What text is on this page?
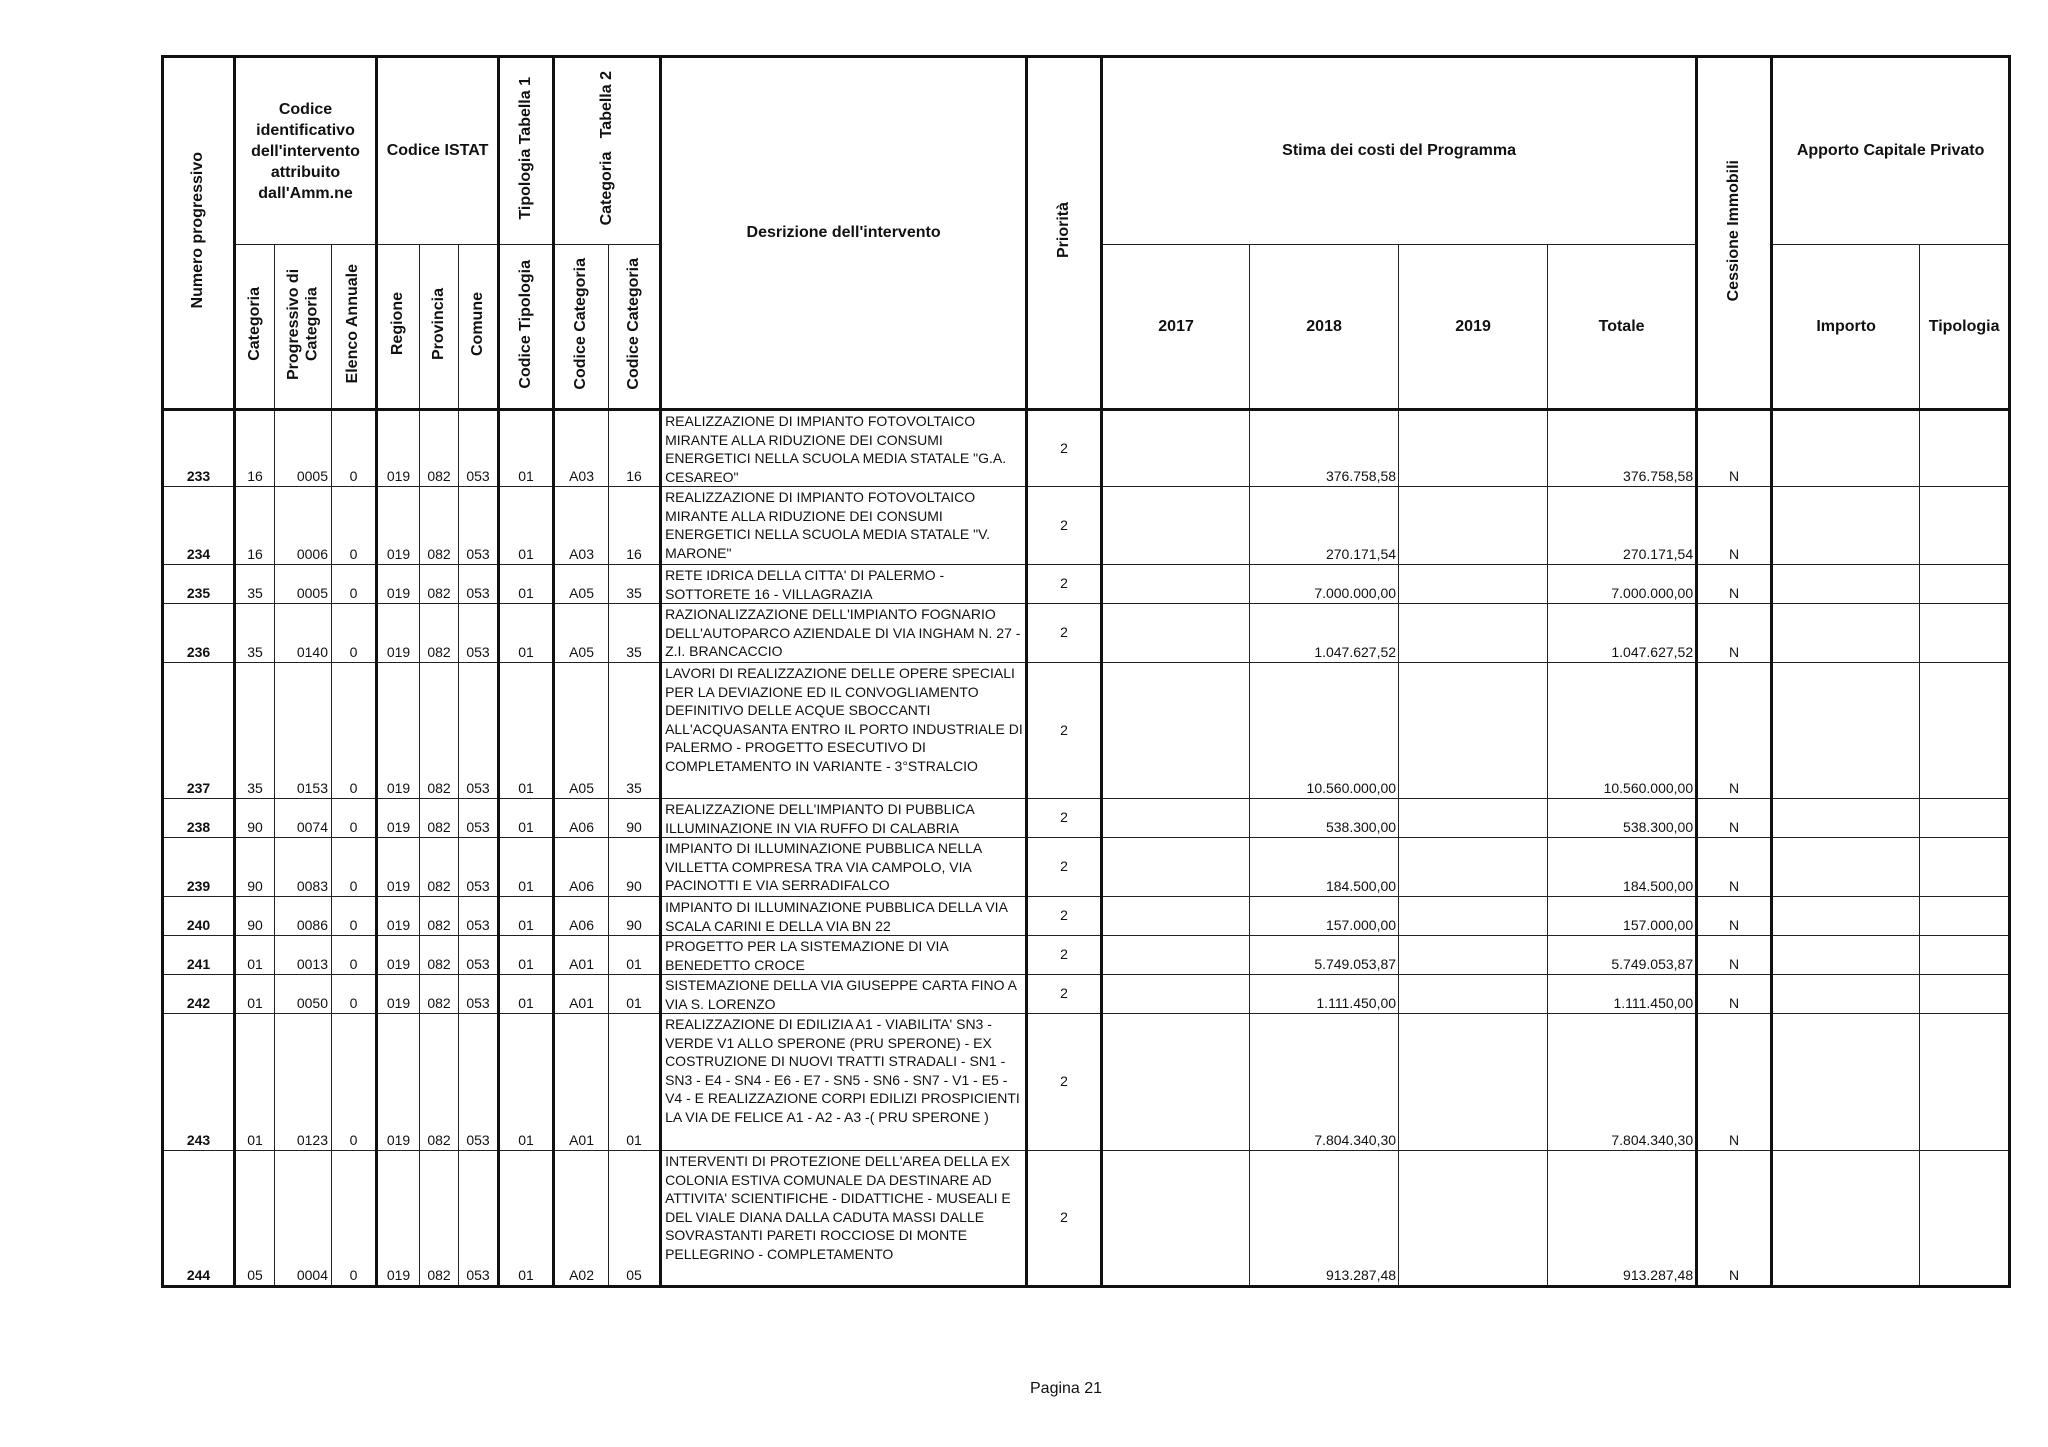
Numero progressivo	Codice identificativo dell'intervento attribuito dall'Amm.ne			Codice ISTAT			Tipologia Tabella 1	Categoria   Tabella 2		Desrizione dell'intervento	Priorità	Stima dei costi del Programma				Cessione Immobili	Apporto Capitale Privato	
	Categoria	Progressivo di Categoria	Elenco Annuale	Regione	Provincia	Comune	Codice Tipologia	Codice Categoria	Codice Categoria			2017	2018	2019	Totale		Importo	Tipologia
233	16	0005	0	019	082	053	01	A03	16	REALIZZAZIONE DI IMPIANTO FOTOVOLTAICO MIRANTE ALLA RIDUZIONE DEI CONSUMI ENERGETICI NELLA SCUOLA MEDIA STATALE "G.A. CESAREO"	2		376.758,58		376.758,58	N		
234	16	0006	0	019	082	053	01	A03	16	REALIZZAZIONE DI IMPIANTO FOTOVOLTAICO MIRANTE ALLA RIDUZIONE DEI CONSUMI ENERGETICI NELLA SCUOLA MEDIA STATALE "V. MARONE"	2		270.171,54		270.171,54	N		
235	35	0005	0	019	082	053	01	A05	35	RETE IDRICA DELLA CITTA' DI PALERMO - SOTTORETE 16 - VILLAGRAZIA	2		7.000.000,00		7.000.000,00	N		
236	35	0140	0	019	082	053	01	A05	35	RAZIONALIZZAZIONE DELL'IMPIANTO FOGNARIO DELL'AUTOPARCO AZIENDALE DI VIA INGHAM N. 27 - Z.I. BRANCACCIO	2		1.047.627,52		1.047.627,52	N		
237	35	0153	0	019	082	053	01	A05	35	LAVORI DI REALIZZAZIONE DELLE OPERE SPECIALI PER LA DEVIAZIONE ED IL CONVOGLIAMENTO DEFINITIVO DELLE ACQUE SBOCCANTI ALL'ACQUASANTA ENTRO IL PORTO INDUSTRIALE DI PALERMO - PROGETTO ESECUTIVO DI COMPLETAMENTO IN VARIANTE - 3°STRALCIO	2		10.560.000,00		10.560.000,00	N		
238	90	0074	0	019	082	053	01	A06	90	REALIZZAZIONE DELL'IMPIANTO DI PUBBLICA ILLUMINAZIONE IN VIA RUFFO DI CALABRIA	2		538.300,00		538.300,00	N		
239	90	0083	0	019	082	053	01	A06	90	IMPIANTO DI ILLUMINAZIONE PUBBLICA NELLA VILLETTA COMPRESA TRA VIA CAMPOLO, VIA PACINOTTI E VIA SERRADIFALCO	2		184.500,00		184.500,00	N		
240	90	0086	0	019	082	053	01	A06	90	IMPIANTO DI ILLUMINAZIONE PUBBLICA DELLA VIA SCALA CARINI E DELLA VIA BN 22	2		157.000,00		157.000,00	N		
241	01	0013	0	019	082	053	01	A01	01	PROGETTO PER LA SISTEMAZIONE DI VIA BENEDETTO CROCE	2		5.749.053,87		5.749.053,87	N		
242	01	0050	0	019	082	053	01	A01	01	SISTEMAZIONE DELLA VIA GIUSEPPE CARTA FINO A VIA S. LORENZO	2		1.111.450,00		1.111.450,00	N		
243	01	0123	0	019	082	053	01	A01	01	REALIZZAZIONE DI EDILIZIA A1 - VIABILITA' SN3 - VERDE V1 ALLO SPERONE (PRU SPERONE) - EX COSTRUZIONE DI NUOVI TRATTI STRADALI - SN1 - SN3 - E4 - SN4 - E6 - E7 - SN5 - SN6 - SN7 - V1 - E5 - V4 - E REALIZZAZIONE CORPI EDILIZI PROSPICIENTI LA VIA DE FELICE A1 - A2 - A3 -( PRU SPERONE )	2		7.804.340,30		7.804.340,30	N		
244	05	0004	0	019	082	053	01	A02	05	INTERVENTI DI PROTEZIONE DELL'AREA DELLA EX COLONIA ESTIVA COMUNALE DA DESTINARE AD ATTIVITA' SCIENTIFICHE - DIDATTICHE - MUSEALI E DEL VIALE DIANA DALLA CADUTA MASSI DALLE SOVRASTANTI PARETI ROCCIOSE DI MONTE PELLEGRINO - COMPLETAMENTO	2		913.287,48		913.287,48	N		
Pagina 21
